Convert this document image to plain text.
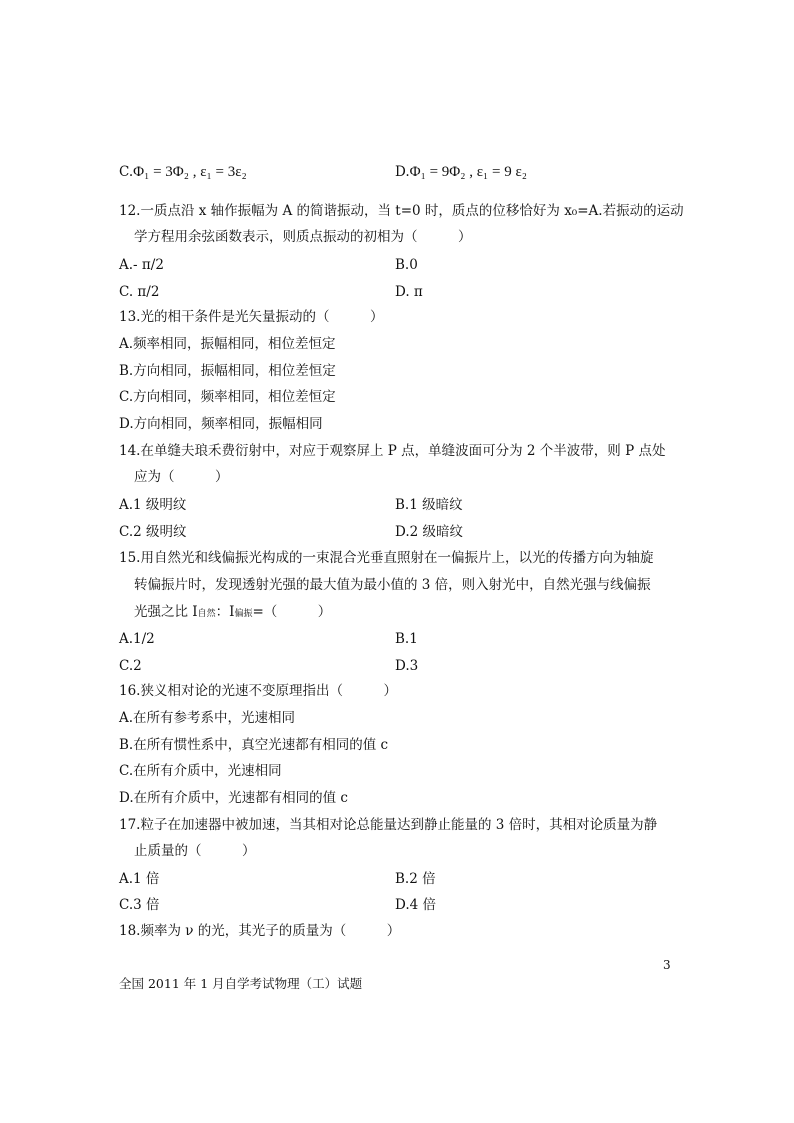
C.Φ₁ = 3Φ₂ , ε₁ = 3ε₂	D.Φ₁ = 9Φ₂ , ε₁ = 9 ε₂
12.一质点沿 x 轴作振幅为 A 的简谐振动，当 t=0 时，质点的位移恰好为 x₀=A.若振动的运动
学方程用余弦函数表示，则质点振动的初相为（　　　）
A.- π/2	B.0
C. π/2	D. π
13.光的相干条件是光矢量振动的（　　　）
A.频率相同，振幅相同，相位差恒定
B.方向相同，振幅相同，相位差恒定
C.方向相同，频率相同，相位差恒定
D.方向相同，频率相同，振幅相同
14.在单缝夫琅禾费衍射中，对应于观察屏上 P 点，单缝波面可分为 2 个半波带，则 P 点处
应为（　　　）
A.1 级明纹	B.1 级暗纹
C.2 级明纹	D.2 级暗纹
15.用自然光和线偏振光构成的一束混合光垂直照射在一偏振片上，以光的传播方向为轴旋
转偏振片时，发现透射光强的最大值为最小值的 3 倍，则入射光中，自然光强与线偏振
光强之比 I自然：I偏振=（　　　）
A.1/2	B.1
C.2	D.3
16.狭义相对论的光速不变原理指出（　　　）
A.在所有参考系中，光速相同
B.在所有惯性系中，真空光速都有相同的值 c
C.在所有介质中，光速相同
D.在所有介质中，光速都有相同的值 c
17.粒子在加速器中被加速，当其相对论总能量达到静止能量的 3 倍时，其相对论质量为静
止质量的（　　　）
A.1 倍	B.2 倍
C.3 倍	D.4 倍
18.频率为 ν 的光，其光子的质量为（　　　）
3
全国 2011 年 1 月自学考试物理（工）试题
